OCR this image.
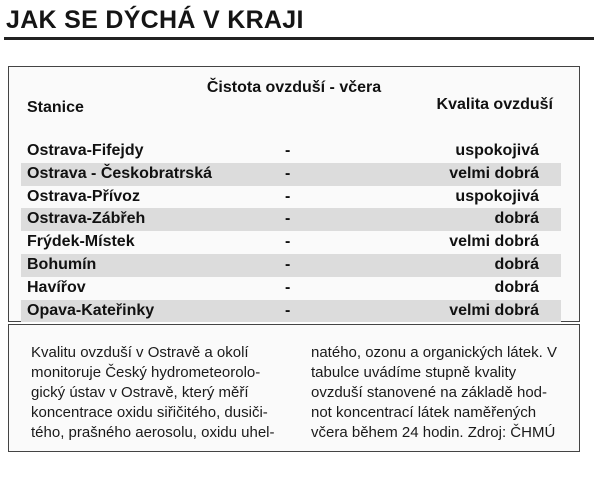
JAK SE DÝCHÁ V KRAJI
Čistota ovzduší - včera
Stanice	Kvalita ovzduší
Ostrava-Fifejdy	-	uspokojivá
Ostrava - Českobratrská	-	velmi dobrá
Ostrava-Přívoz	-	uspokojivá
Ostrava-Zábřeh	-	dobrá
Frýdek-Místek	-	velmi dobrá
Bohumín	-	dobrá
Havířov	-	dobrá
Opava-Kateřinky	-	velmi dobrá
Kvalitu ovzduší v Ostravě a okolí
monitoruje Český hydrometeorolo-
gický ústav v Ostravě, který měří
koncentrace oxidu siřičitého, dusiči-
tého, prašného aerosolu, oxidu uhel-
natého, ozonu a organických látek. V
tabulce uvádíme stupně kvality
ovzduší stanovené na základě hod-
not koncentrací látek naměřených
včera během 24 hodin. Zdroj: ČHMÚ
